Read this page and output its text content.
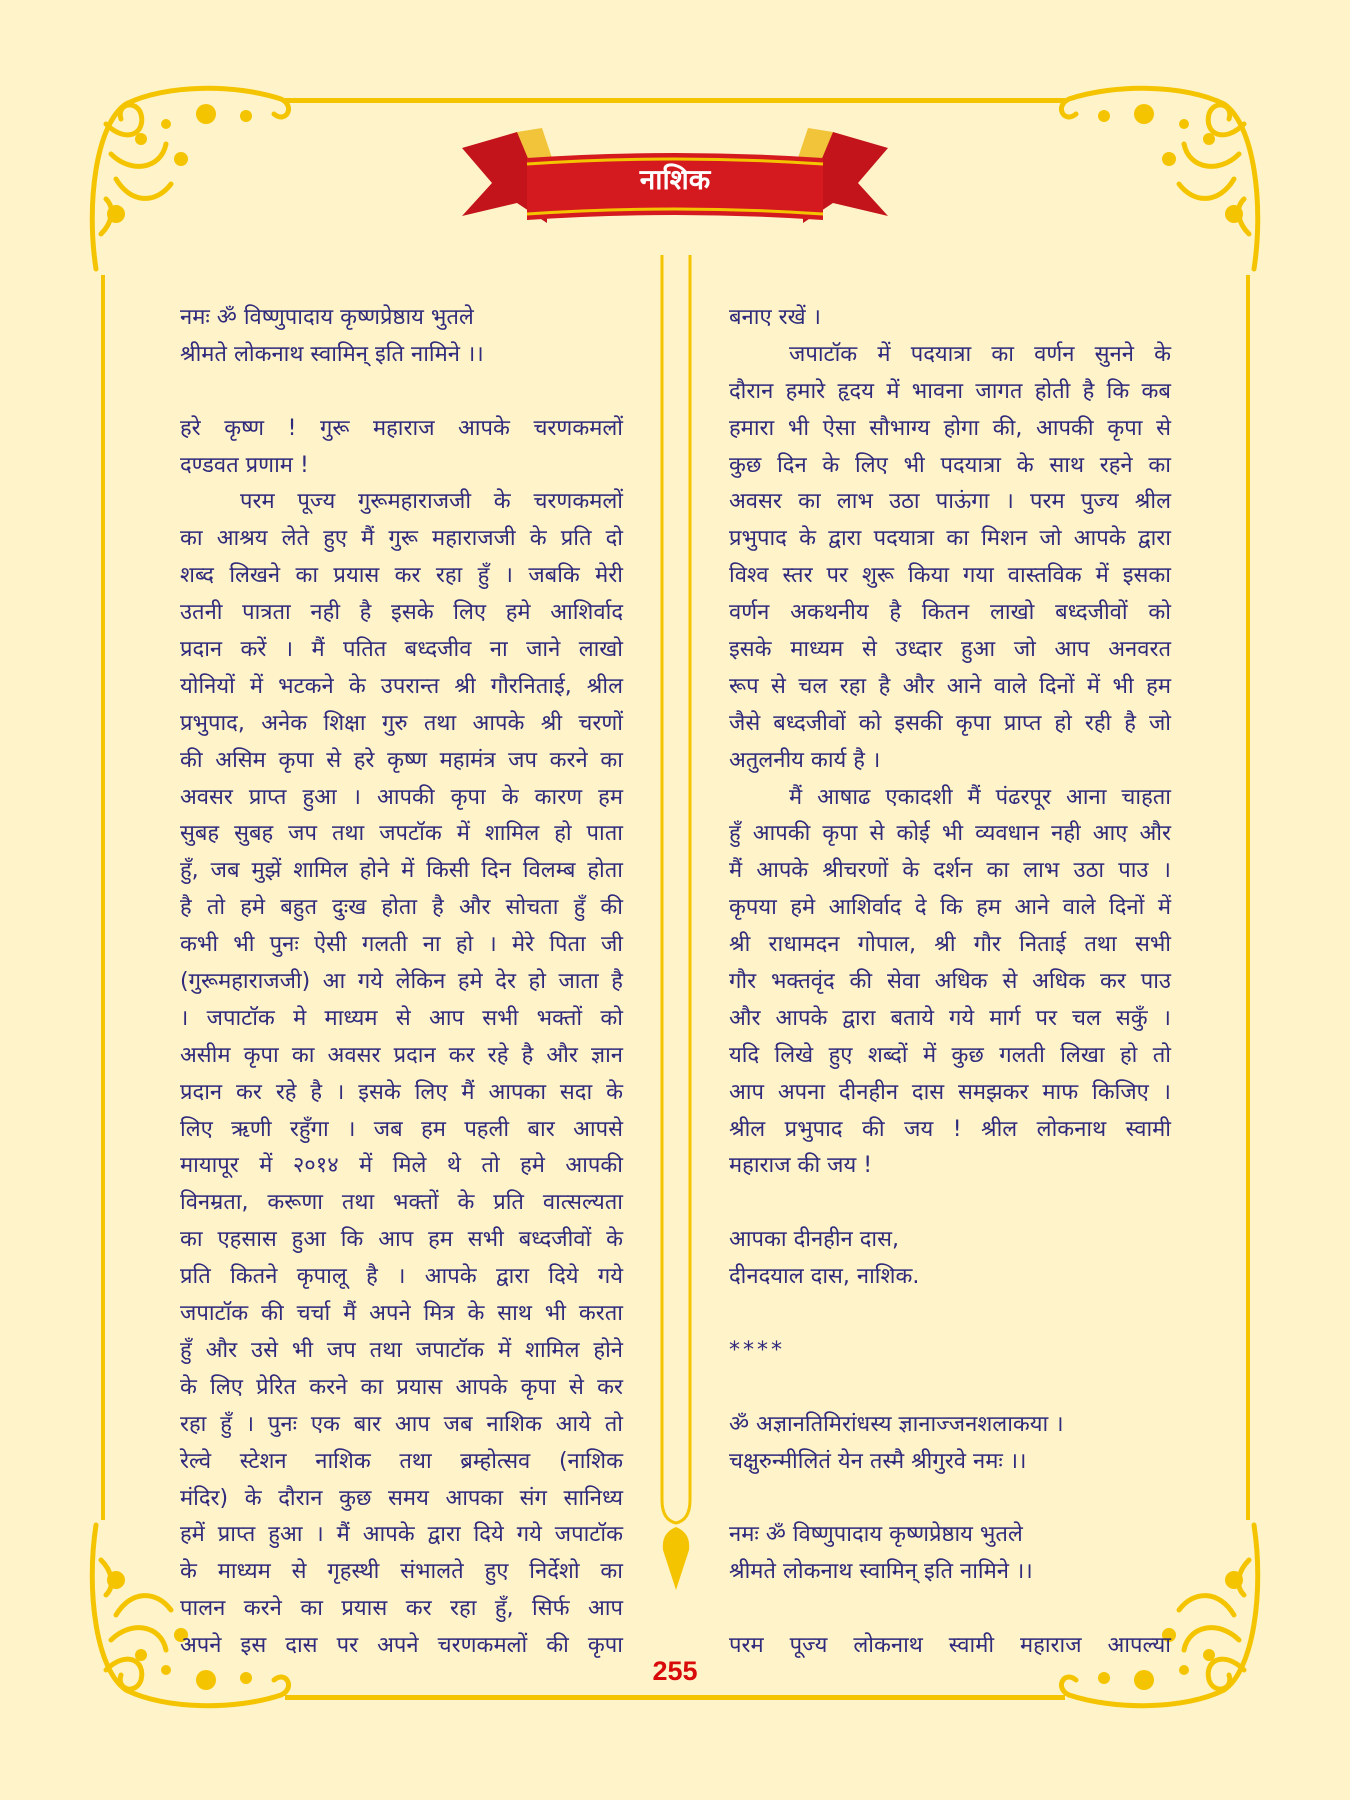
नाशिक
नमः ॐ विष्णुपादाय कृष्णप्रेष्ठाय भुतले
श्रीमते लोकनाथ स्वामिन् इति नामिने ।।
हरे कृष्ण ! गुरू महाराज आपके चरणकमलों
दण्डवत प्रणाम !
परम पूज्य गुरूमहाराजजी के चरणकमलों
का आश्रय लेते हुए मैं गुरू महाराजजी के प्रति दो
शब्द लिखने का प्रयास कर रहा हुँ । जबकि मेरी
उतनी पात्रता नही है इसके लिए हमे आशिर्वाद
प्रदान करें । मैं पतित बध्दजीव ना जाने लाखो
योनियों में भटकने के उपरान्त श्री गौरनिताई, श्रील
प्रभुपाद, अनेक शिक्षा गुरु तथा आपके श्री चरणों
की असिम कृपा से हरे कृष्ण महामंत्र जप करने का
अवसर प्राप्त हुआ । आपकी कृपा के कारण हम
सुबह सुबह जप तथा जपटॉक में शामिल हो पाता
हुँ, जब मुझें शामिल होने में किसी दिन विलम्ब होता
है तो हमे बहुत दुःख होता है और सोचता हुँ की
कभी भी पुनः ऐसी गलती ना हो । मेरे पिता जी
(गुरूमहाराजजी) आ गये लेकिन हमे देर हो जाता है
। जपाटॉक मे माध्यम से आप सभी भक्तों को
असीम कृपा का अवसर प्रदान कर रहे है और ज्ञान
प्रदान कर रहे है । इसके लिए मैं आपका सदा के
लिए ऋणी रहुँगा । जब हम पहली बार आपसे
मायापूर में २०१४ में मिले थे तो हमे आपकी
विनम्रता, करूणा तथा भक्तों के प्रति वात्सल्यता
का एहसास हुआ कि आप हम सभी बध्दजीवों के
प्रति कितने कृपालू है । आपके द्वारा दिये गये
जपाटॉक की चर्चा मैं अपने मित्र के साथ भी करता
हुँ और उसे भी जप तथा जपाटॉक में शामिल होने
के लिए प्रेरित करने का प्रयास आपके कृपा से कर
रहा हुँ । पुनः एक बार आप जब नाशिक आये तो
रेल्वे स्टेशन नाशिक तथा ब्रम्होत्सव (नाशिक
मंदिर) के दौरान कुछ समय आपका संग सानिध्य
हमें प्राप्त हुआ । मैं आपके द्वारा दिये गये जपाटॉक
के माध्यम से गृहस्थी संभालते हुए निर्देशो का
पालन करने का प्रयास कर रहा हुँ, सिर्फ आप
अपने इस दास पर अपने चरणकमलों की कृपा
बनाए रखें ।
जपाटॉक में पदयात्रा का वर्णन सुनने के
दौरान हमारे हृदय में भावना जागत होती है कि कब
हमारा भी ऐसा सौभाग्य होगा की, आपकी कृपा से
कुछ दिन के लिए भी पदयात्रा के साथ रहने का
अवसर का लाभ उठा पाऊंगा । परम पुज्य श्रील
प्रभुपाद के द्वारा पदयात्रा का मिशन जो आपके द्वारा
विश्व स्तर पर शुरू किया गया वास्तविक में इसका
वर्णन अकथनीय है कितन लाखो बध्दजीवों को
इसके माध्यम से उध्दार हुआ जो आप अनवरत
रूप से चल रहा है और आने वाले दिनों में भी हम
जैसे बध्दजीवों को इसकी कृपा प्राप्त हो रही है जो
अतुलनीय कार्य है ।
मैं आषाढ एकादशी मैं पंढरपूर आना चाहता
हुँ आपकी कृपा से कोई भी व्यवधान नही आए और
मैं आपके श्रीचरणों के दर्शन का लाभ उठा पाउ ।
कृपया हमे आशिर्वाद दे कि हम आने वाले दिनों में
श्री राधामदन गोपाल, श्री गौर निताई तथा सभी
गौर भक्तवृंद की सेवा अधिक से अधिक कर पाउ
और आपके द्वारा बताये गये मार्ग पर चल सकुँ ।
यदि लिखे हुए शब्दों में कुछ गलती लिखा हो तो
आप अपना दीनहीन दास समझकर माफ किजिए ।
श्रील प्रभुपाद की जय ! श्रील लोकनाथ स्वामी
महाराज की जय !
आपका दीनहीन दास,
दीनदयाल दास, नाशिक.
****
ॐ अज्ञानतिमिरांधस्य ज्ञानाज्जनशलाकया ।
चक्षुरुन्मीलितं येन तस्मै श्रीगुरवे नमः ।।
नमः ॐ विष्णुपादाय कृष्णप्रेष्ठाय भुतले
श्रीमते लोकनाथ स्वामिन् इति नामिने ।।
परम पूज्य लोकनाथ स्वामी महाराज आपल्या
255
